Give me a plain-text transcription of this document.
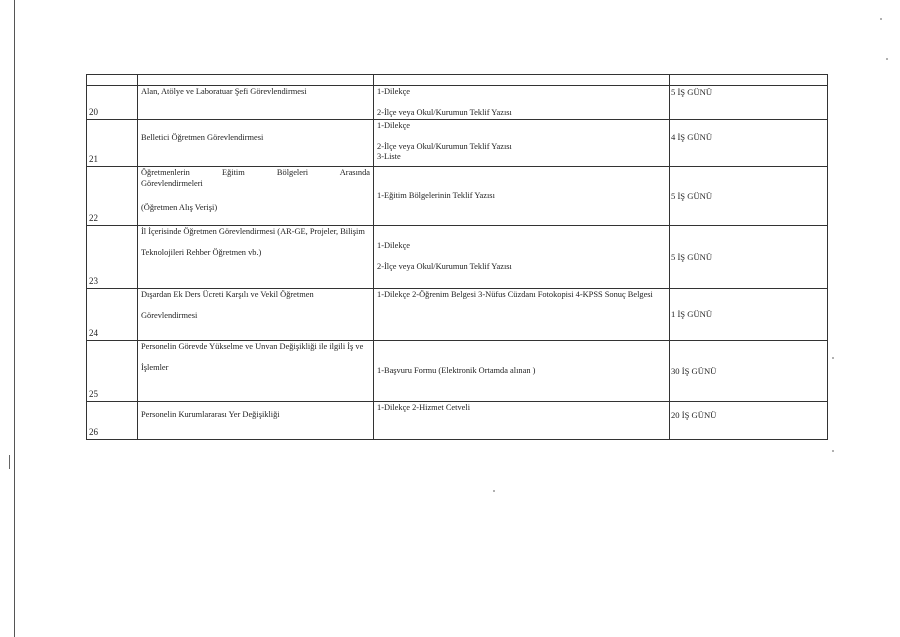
20	Alan, Atölye ve Laboratuar Şefi Görevlendirmesi	1-Dilekçe
2-İlçe veya Okul/Kurumun Teklif Yazısı	5 İŞ GÜNÜ
21	Belletici Öğretmen Görevlendirmesi	1-Dilekçe
2-İlçe veya Okul/Kurumun Teklif Yazısı
3-Liste	4 İŞ GÜNÜ
22	Öğretmenlerin Eğitim Bölgeleri Arasında
Görevlendirmeleri
(Öğretmen Alış Verişi)	1-Eğitim Bölgelerinin Teklif Yazısı	5 İŞ GÜNÜ
23	İl İçerisinde Öğretmen Görevlendirmesi (AR-GE, Projeler, Bilişim
Teknolojileri Rehber Öğretmen vb.)	1-Dilekçe
2-İlçe veya Okul/Kurumun Teklif Yazısı	5 İŞ GÜNÜ
24	Dışardan Ek Ders Ücreti Karşılı ve Vekil Öğretmen
Görevlendirmesi	1-Dilekçe 2-Öğrenim Belgesi 3-Nüfus Cüzdanı Fotokopisi 4-KPSS Sonuç Belgesi	1 İŞ GÜNÜ
25	Personelin Görevde Yükselme ve Unvan Değişikliği ile ilgili İş ve
İşlemler	1-Başvuru Formu (Elektronik Ortamda alınan )	30 İŞ GÜNÜ
26	Personelin Kurumlararası Yer Değişikliği	1-Dilekçe 2-Hizmet Cetveli	20 İŞ GÜNÜ
